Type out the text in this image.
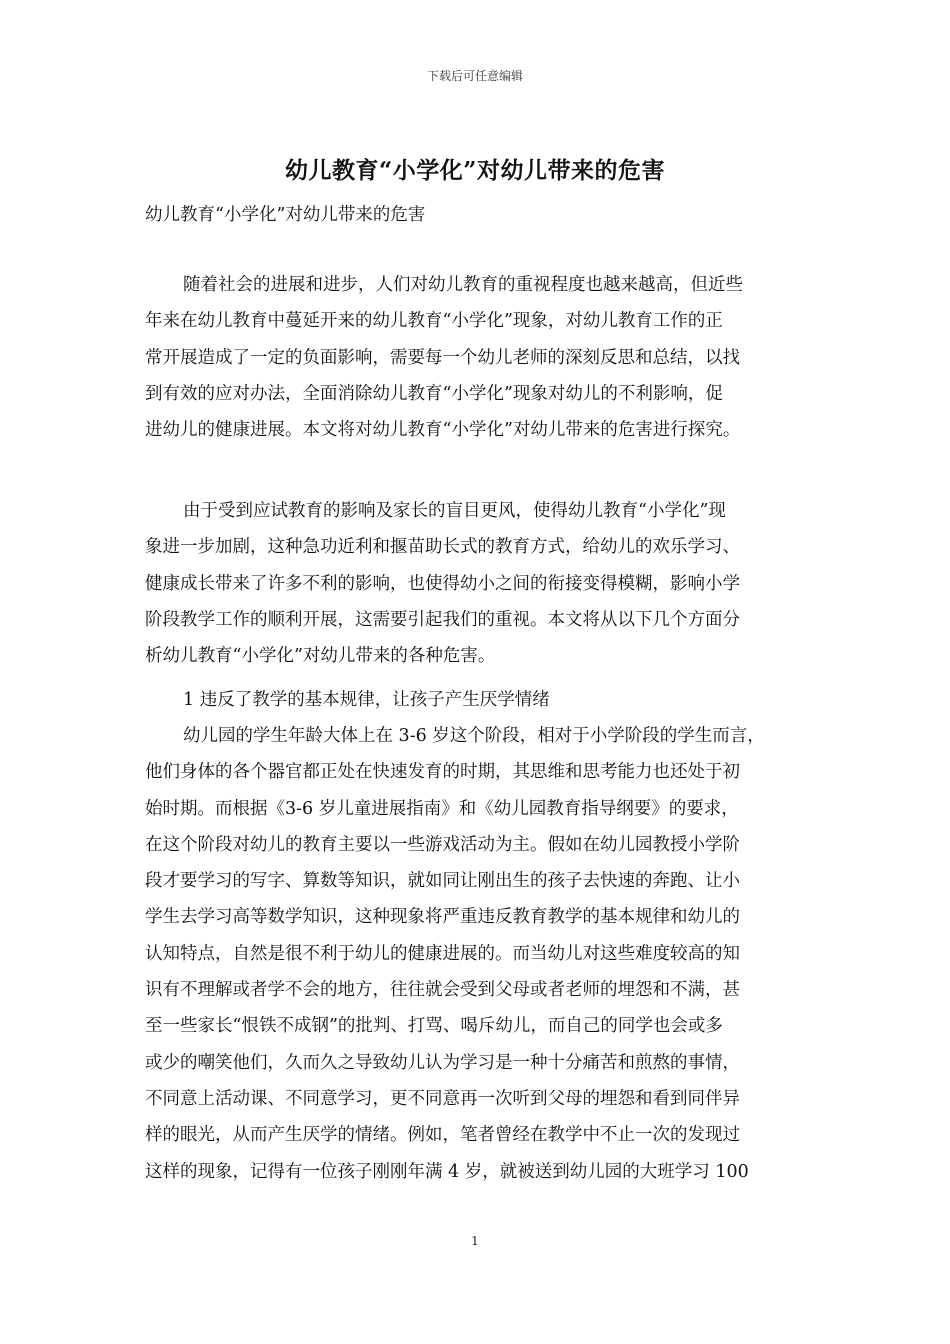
下载后可任意编辑
幼儿教育“小学化”对幼儿带来的危害
幼儿教育“小学化”对幼儿带来的危害
随着社会的进展和进步，人们对幼儿教育的重视程度也越来越高，但近些
年来在幼儿教育中蔓延开来的幼儿教育“小学化”现象，对幼儿教育工作的正
常开展造成了一定的负面影响，需要每一个幼儿老师的深刻反思和总结，以找
到有效的应对办法，全面消除幼儿教育“小学化”现象对幼儿的不利影响，促
进幼儿的健康进展。本文将对幼儿教育“小学化”对幼儿带来的危害进行探究。
由于受到应试教育的影响及家长的盲目更风，使得幼儿教育“小学化”现
象进一步加剧，这种急功近利和揠苗助长式的教育方式，给幼儿的欢乐学习、
健康成长带来了许多不利的影响，也使得幼小之间的衔接变得模糊，影响小学
阶段教学工作的顺利开展，这需要引起我们的重视。本文将从以下几个方面分
析幼儿教育“小学化”对幼儿带来的各种危害。
1 违反了教学的基本规律，让孩子产生厌学情绪
幼儿园的学生年龄大体上在 3-6 岁这个阶段，相对于小学阶段的学生而言，
他们身体的各个器官都正处在快速发育的时期，其思维和思考能力也还处于初
始时期。而根据《3-6 岁儿童进展指南》和《幼儿园教育指导纲要》的要求，
在这个阶段对幼儿的教育主要以一些游戏活动为主。假如在幼儿园教授小学阶
段才要学习的写字、算数等知识，就如同让刚出生的孩子去快速的奔跑、让小
学生去学习高等数学知识，这种现象将严重违反教育教学的基本规律和幼儿的
认知特点，自然是很不利于幼儿的健康进展的。而当幼儿对这些难度较高的知
识有不理解或者学不会的地方，往往就会受到父母或者老师的埋怨和不满，甚
至一些家长“恨铁不成钢”的批判、打骂、喝斥幼儿，而自己的同学也会或多
或少的嘲笑他们，久而久之导致幼儿认为学习是一种十分痛苦和煎熬的事情，
不同意上活动课、不同意学习，更不同意再一次听到父母的埋怨和看到同伴异
样的眼光，从而产生厌学的情绪。例如，笔者曾经在教学中不止一次的发现过
这样的现象，记得有一位孩子刚刚年满 4 岁，就被送到幼儿园的大班学习 100
1
